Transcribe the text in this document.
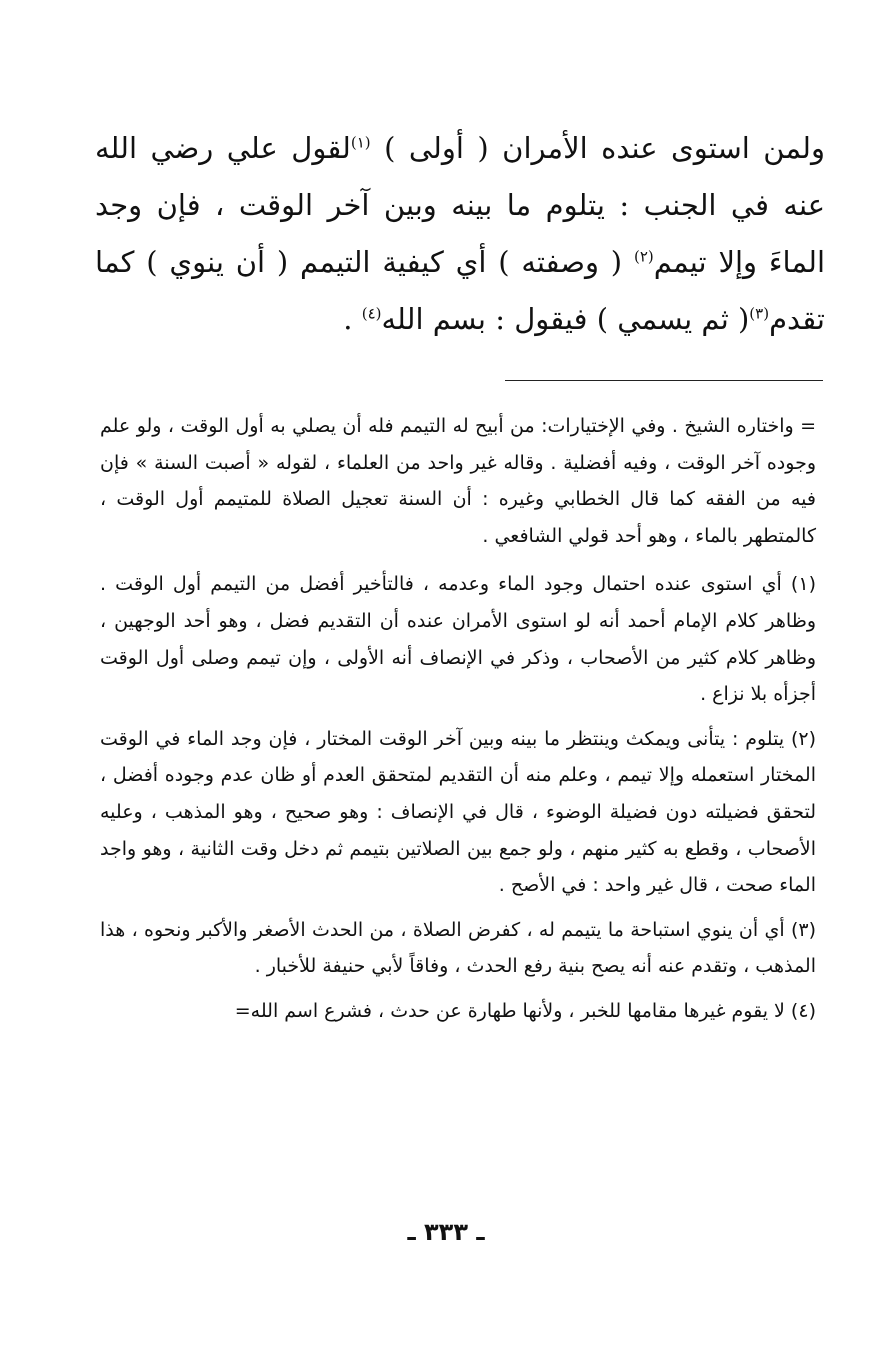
ولمن استوى عنده الأمران ( أولى ) $^{(١)}$لقول علي رضي الله عنه في الجنب : يتلوم ما بينه وبين آخر الوقت ، فإن وجد الماءَ وإلا تيمم$^{(٢)}$ ( وصفته ) أي كيفية التيمم ( أن ينوي ) كما تقدم$^{(٣)}$( ثم يسمي ) فيقول : بسم الله$^{(٤)}$ .

= واختاره الشيخ . وفي الإختيارات: من أبيح له التيمم فله أن يصلي به أول الوقت ، ولو علم وجوده آخر الوقت ، وفيه أفضلية . وقاله غير واحد من العلماء ، لقوله « أصبت السنة » فإن فيه من الفقه كما قال الخطابي وغيره : أن السنة تعجيل الصلاة للمتيمم أول الوقت ، كالمتطهر بالماء ، وهو أحد قولي الشافعي .

(١) أي استوى عنده احتمال وجود الماء وعدمه ، فالتأخير أفضل من التيمم أول الوقت . وظاهر كلام الإمام أحمد أنه لو استوى الأمران عنده أن التقديم فضل ، وهو أحد الوجهين ، وظاهر كلام كثير من الأصحاب ، وذكر في الإنصاف أنه الأولى ، وإن تيمم وصلى أول الوقت أجزأه بلا نزاع .

(٢) يتلوم : يتأنى ويمكث وينتظر ما بينه وبين آخر الوقت المختار ، فإن وجد الماء في الوقت المختار استعمله وإلا تيمم ، وعلم منه أن التقديم لمتحقق العدم أو ظان عدم وجوده أفضل ، لتحقق فضيلته دون فضيلة الوضوء ، قال في الإنصاف : وهو صحيح ، وهو المذهب ، وعليه الأصحاب ، وقطع به كثير منهم ، ولو جمع بين الصلاتين بتيمم ثم دخل وقت الثانية ، وهو واجد الماء صحت ، قال غير واحد : في الأصح .

(٣) أي أن ينوي استباحة ما يتيمم له ، كفرض الصلاة ، من الحدث الأصغر والأكبر ونحوه ، هذا المذهب ، وتقدم عنه أنه يصح بنية رفع الحدث ، وفاقاً لأبي حنيفة للأخبار .

(٤) لا يقوم غيرها مقامها للخبر ، ولأنها طهارة عن حدث ، فشرع اسم الله=

ـ ٣٣٣ ـ
